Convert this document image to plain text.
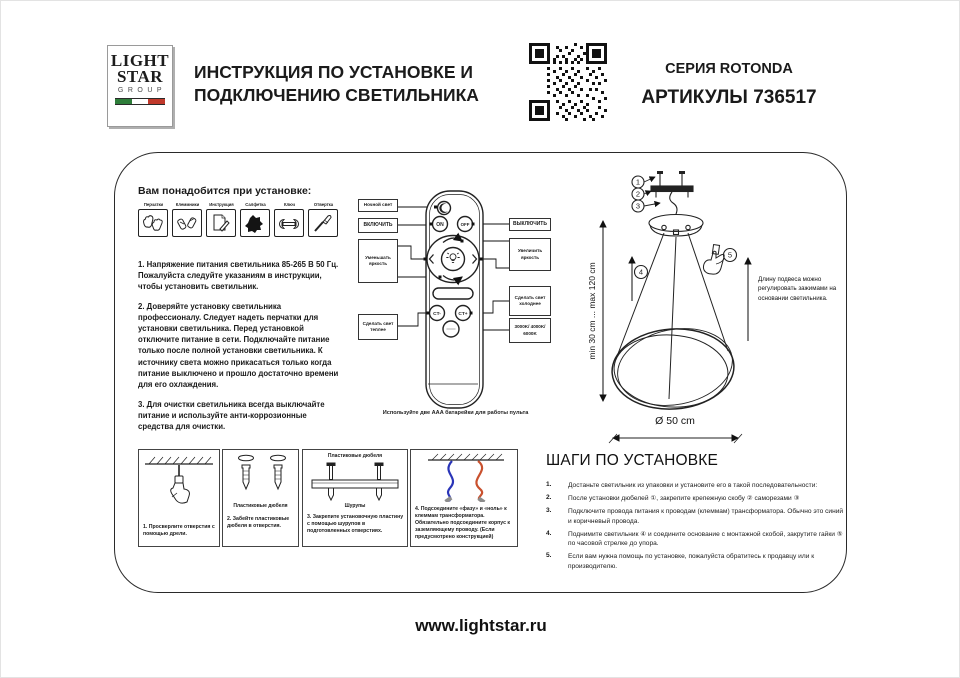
LIGHT
STAR
GROUP
ИНСТРУКЦИЯ ПО УСТАНОВКЕ И
ПОДКЛЮЧЕНИЮ СВЕТИЛЬНИКА
СЕРИЯ ROTONDA
АРТИКУЛЫ 736517
Вам понадобится при установке:
Перчатки	Клеммники	Инструкция	Салфетка	Ключ	Отвертка

1. Напряжение питания светильника 85-265 В 50 Гц. Пожалуйста следуйте указаниям в инструкции, чтобы установить светильник.

2. Доверяйте установку светильника профессионалу. Следует надеть перчатки для установки светильника. Перед установкой отключите питание в сети. Подключайте питание только после полной установки светильника. К источнику света можно прикасаться только когда питание выключено и прошло достаточно времени для его охлаждения.

3. Для очистки светильника всегда выключайте питание и используйте анти-коррозионные средства для очистки.

ON	OFF
CT-	CT+
Ночной свет
ВКЛЮЧИТЬ
Уменьшать яркость
Сделать свет теплее
ВЫКЛЮЧИТЬ
Увеличить яркость
Сделать свет холоднее
3000K/ 4000K/ 6000K
Используйте две AAA батарейки для работы пульта
1
2
3
4
5
min 30 cm ... max 120 cm
Ø 50 cm
Длину подвеса можно регулировать зажимами на основании светильника.
1. Просверлите отверстия с помощью дрели.
Пластиковые дюбеля
2. Забейте пластиковые дюбеля в отверстия.
Пластиковые дюбеля
Шурупы
3. Закрепите установочную пластину с помощью шурупов в подготовленных отверстиях.
4. Подсоедините «фазу» и «ноль» к клеммам трансформатора. Обязательно подсоедините корпус к заземляющему проводу. (Если предусмотрено конструкцией)
ШАГИ ПО УСТАНОВКЕ
1.	Достаньте светильник из упаковки и установите его в такой последовательности:
2.	После установки дюбелей ①, закрепите крепежную скобу ② саморезами ③
3.	Подключите провода питания к проводам (клеммам) трансформатора. Обычно это синий и коричневый провода.
4.	Поднимите светильник ④ и соедините основание с монтажной скобой, закрутите гайки ⑤ по часовой стрелке до упора.
5.	Если вам нужна помощь по установке, пожалуйста обратитесь к продавцу или к производителю.
www.lightstar.ru
